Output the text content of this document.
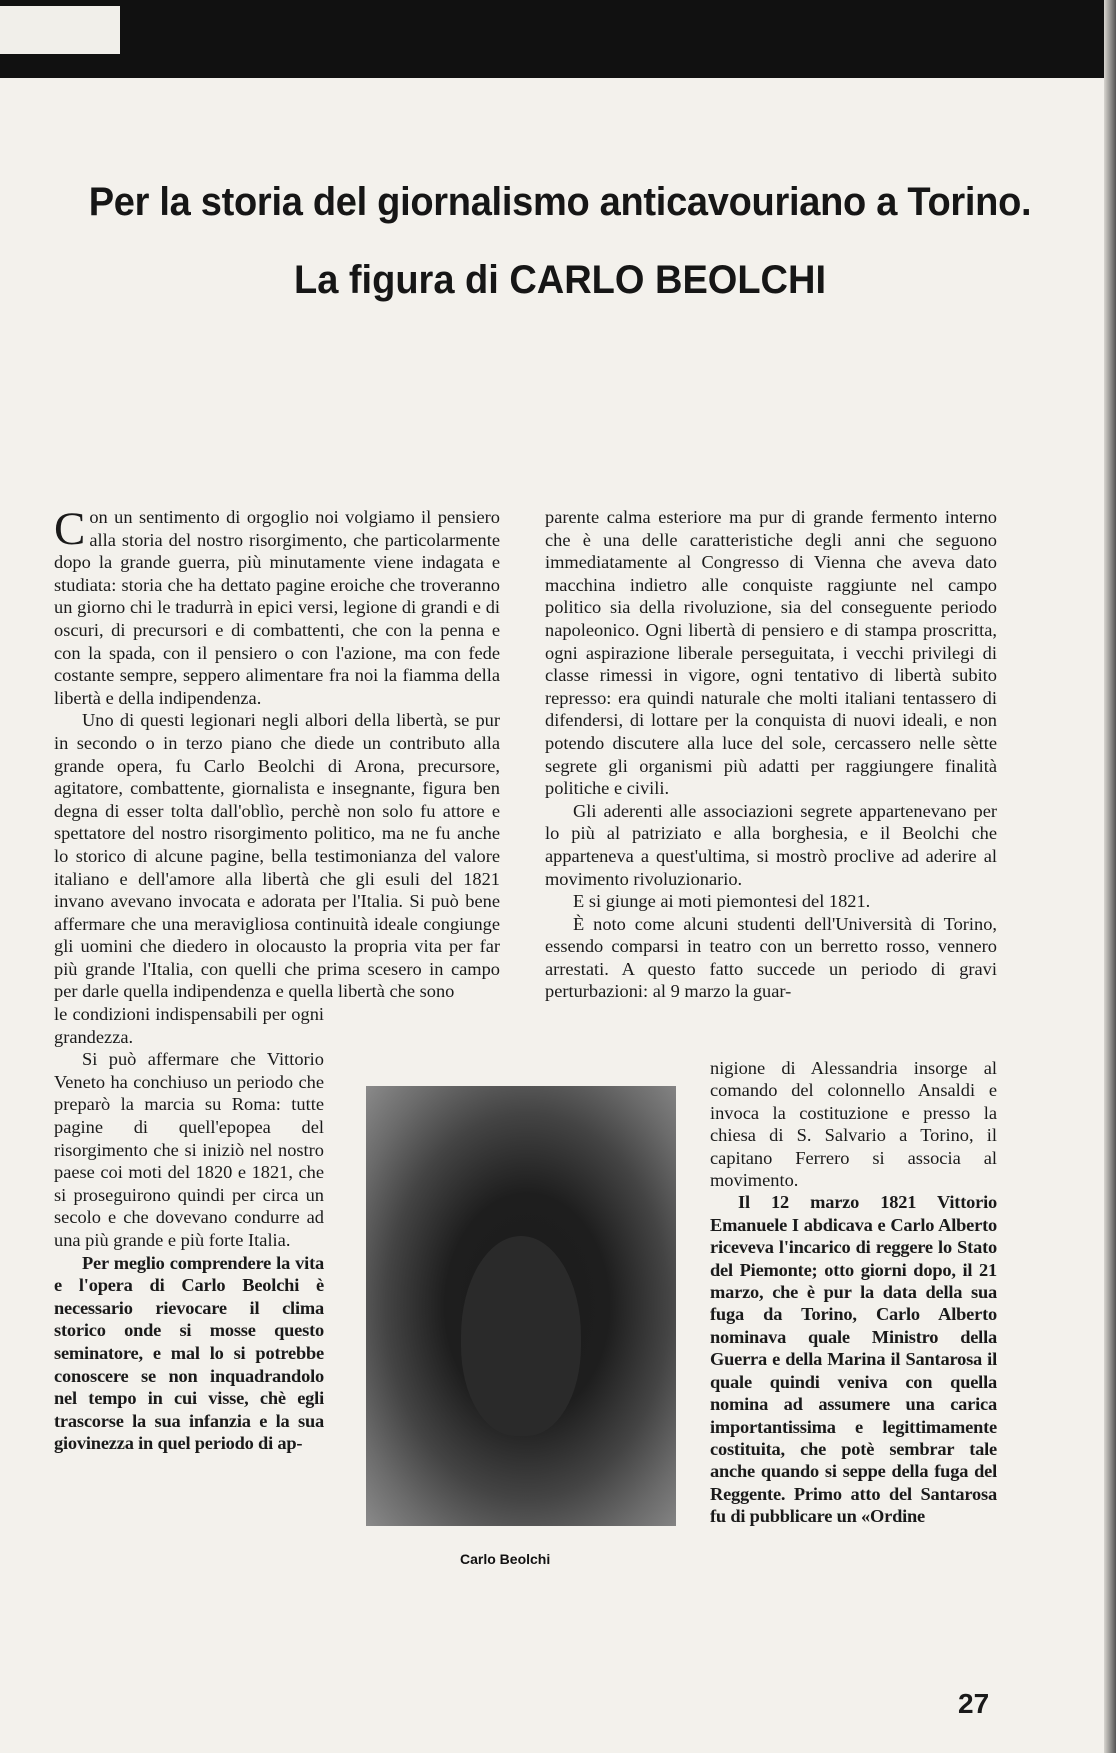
Per la storia del giornalismo anticavouriano a Torino.
La figura di CARLO BEOLCHI

Con un sentimento di orgoglio noi volgiamo il pensiero alla storia del nostro risorgimento, che particolarmente dopo la grande guerra, più minutamente viene indagata e studiata: storia che ha dettato pagine eroiche che troveranno un giorno chi le tradurrà in epici versi, legione di grandi e di oscuri, di precursori e di combattenti, che con la penna e con la spada, con il pensiero o con l'azione, ma con fede costante sempre, seppero alimentare fra noi la fiamma della libertà e della indipendenza.

Uno di questi legionari negli albori della libertà, se pur in secondo o in terzo piano che diede un contributo alla grande opera, fu Carlo Beolchi di Arona, precursore, agitatore, combattente, giornalista e insegnante, figura ben degna di esser tolta dall'oblìo, perchè non solo fu attore e spettatore del nostro risorgimento politico, ma ne fu anche lo storico di alcune pagine, bella testimonianza del valore italiano e dell'amore alla libertà che gli esuli del 1821 invano avevano invocata e adorata per l'Italia. Si può bene affermare che una meravigliosa continuità ideale congiunge gli uomini che diedero in olocausto la propria vita per far più grande l'Italia, con quelli che prima scesero in campo per darle quella indipendenza e quella libertà che sono

le condizioni indispensabili per ogni grandezza.

Si può affermare che Vittorio Veneto ha conchiuso un periodo che preparò la marcia su Roma: tutte pagine di quell'epopea del risorgimento che si iniziò nel nostro paese coi moti del 1820 e 1821, che si proseguirono quindi per circa un secolo e che dovevano condurre ad una più grande e più forte Italia.

Per meglio comprendere la vita e l'opera di Carlo Beolchi è necessario rievocare il clima storico onde si mosse questo seminatore, e mal lo si potrebbe conoscere se non inquadrandolo nel tempo in cui visse, chè egli trascorse la sua infanzia e la sua giovinezza in quel periodo di ap-

parente calma esteriore ma pur di grande fermento interno che è una delle caratteristiche degli anni che seguono immediatamente al Congresso di Vienna che aveva dato macchina indietro alle conquiste raggiunte nel campo politico sia della rivoluzione, sia del conseguente periodo napoleonico. Ogni libertà di pensiero e di stampa proscritta, ogni aspirazione liberale perseguitata, i vecchi privilegi di classe rimessi in vigore, ogni tentativo di libertà subito represso: era quindi naturale che molti italiani tentassero di difendersi, di lottare per la conquista di nuovi ideali, e non potendo discutere alla luce del sole, cercassero nelle sètte segrete gli organismi più adatti per raggiungere finalità politiche e civili.

Gli aderenti alle associazioni segrete appartenevano per lo più al patriziato e alla borghesia, e il Beolchi che apparteneva a quest'ultima, si mostrò proclive ad aderire al movimento rivoluzionario.

E si giunge ai moti piemontesi del 1821.

È noto come alcuni studenti dell'Università di Torino, essendo comparsi in teatro con un berretto rosso, vennero arrestati. A questo fatto succede un periodo di gravi perturbazioni: al 9 marzo la guar-

nigione di Alessandria insorge al comando del colonnello Ansaldi e invoca la costituzione e presso la chiesa di S. Salvario a Torino, il capitano Ferrero si associa al movimento.

Il 12 marzo 1821 Vittorio Emanuele I abdicava e Carlo Alberto riceveva l'incarico di reggere lo Stato del Piemonte; otto giorni dopo, il 21 marzo, che è pur la data della sua fuga da Torino, Carlo Alberto nominava quale Ministro della Guerra e della Marina il Santarosa il quale quindi veniva con quella nomina ad assumere una carica importantissima e legittimamente costituita, che potè sembrar tale anche quando si seppe della fuga del Reggente. Primo atto del Santarosa fu di pubblicare un «Ordine

Carlo Beolchi
27
